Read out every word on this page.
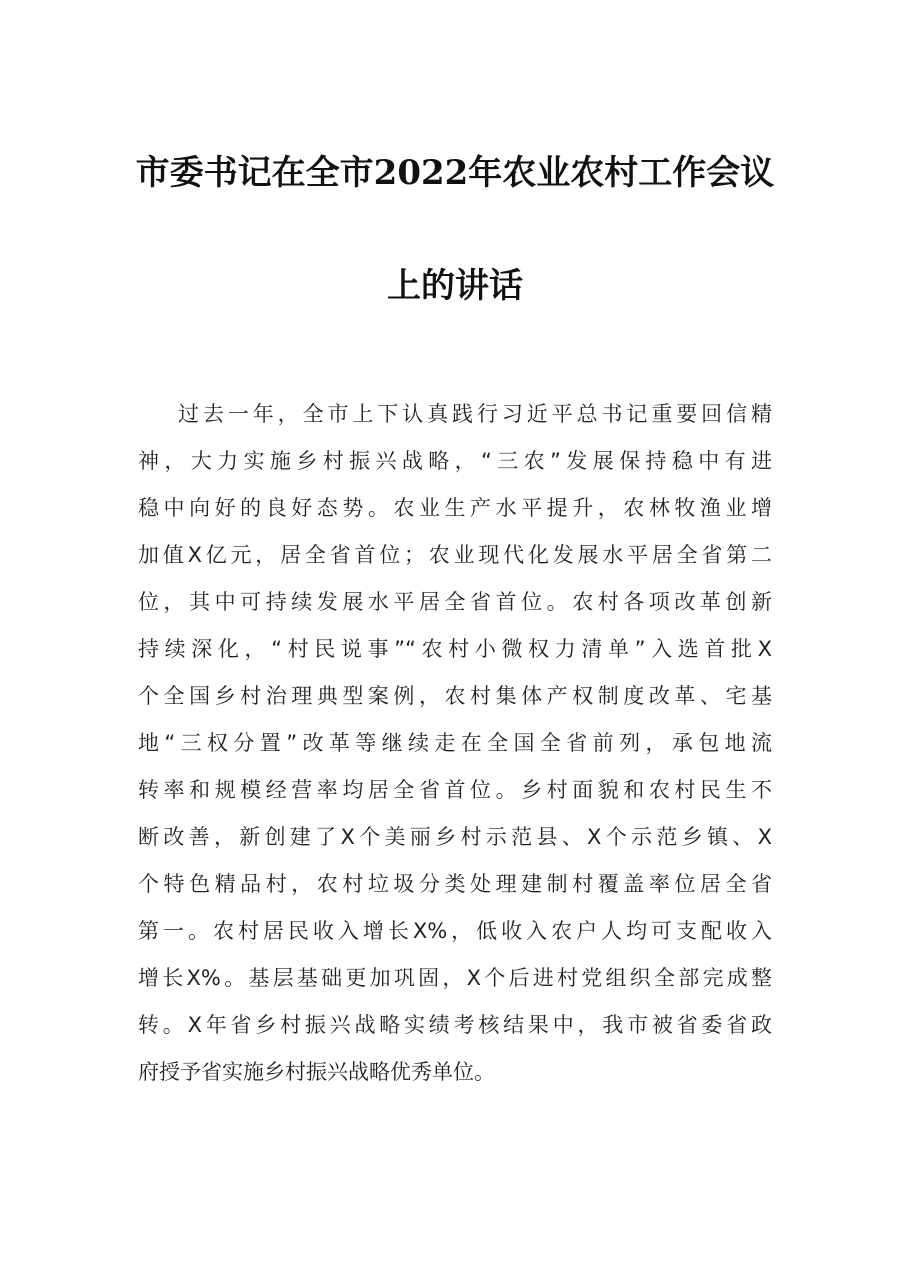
市委书记在全市2022年农业农村工作会议
上的讲话
过去一年，全市上下认真践行习近平总书记重要回信精
神，大力实施乡村振兴战略，“三农”发展保持稳中有进
稳中向好的良好态势。农业生产水平提升，农林牧渔业增
加值X亿元，居全省首位；农业现代化发展水平居全省第二
位，其中可持续发展水平居全省首位。农村各项改革创新
持续深化，“村民说事”“农村小微权力清单”入选首批X
个全国乡村治理典型案例，农村集体产权制度改革、宅基
地“三权分置”改革等继续走在全国全省前列，承包地流
转率和规模经营率均居全省首位。乡村面貌和农村民生不
断改善，新创建了X个美丽乡村示范县、X个示范乡镇、X
个特色精品村，农村垃圾分类处理建制村覆盖率位居全省
第一。农村居民收入增长X%，低收入农户人均可支配收入
增长X%。基层基础更加巩固，X个后进村党组织全部完成整
转。X年省乡村振兴战略实绩考核结果中，我市被省委省政
府授予省实施乡村振兴战略优秀单位。
